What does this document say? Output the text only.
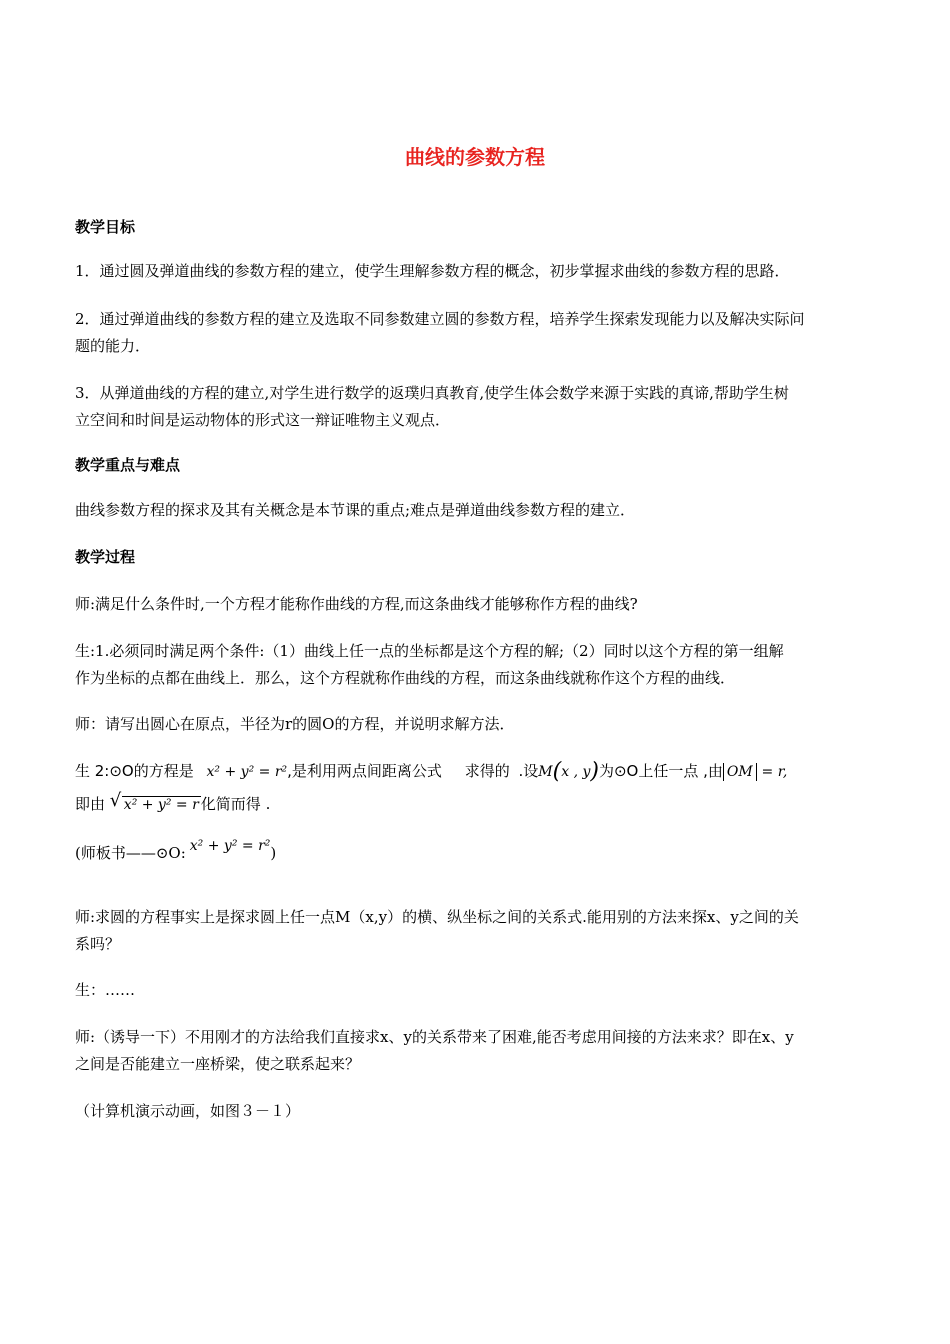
曲线的参数方程
教学目标
1．通过圆及弹道曲线的参数方程的建立，使学生理解参数方程的概念，初步掌握求曲线的参数方程的思路．
2．通过弹道曲线的参数方程的建立及选取不同参数建立圆的参数方程，培养学生探索发现能力以及解决实际问
题的能力．
3．从弹道曲线的方程的建立,对学生进行数学的返璞归真教育,使学生体会数学来源于实践的真谛,帮助学生树
立空间和时间是运动物体的形式这一辩证唯物主义观点．
教学重点与难点
曲线参数方程的探求及其有关概念是本节课的重点;难点是弹道曲线参数方程的建立．
教学过程
师:满足什么条件时,一个方程才能称作曲线的方程,而这条曲线才能够称作方程的曲线?
生:1.必须同时满足两个条件:（1）曲线上任一点的坐标都是这个方程的解;（2）同时以这个方程的第一组解
作为坐标的点都在曲线上．那么，这个方程就称作曲线的方程，而这条曲线就称作这个方程的曲线．
师：请写出圆心在原点，半径为r的圆O的方程，并说明求解方法．
生 2:⊙O的方程是 x² + y² = r²,是利用两点间距离公式 求得的 .设M(x , y)为⊙O上任一点 ,由 OM = r,
即由 √ x² + y² = r 化简而得 .
(师板书——⊙O: x² + y² = r²)
师:求圆的方程事实上是探求圆上任一点M（x,y）的横、纵坐标之间的关系式.能用别的方法来探x、y之间的关
系吗？
生：……
师:（诱导一下）不用刚才的方法给我们直接求x、y的关系带来了困难,能否考虑用间接的方法来求？即在x、y
之间是否能建立一座桥梁，使之联系起来？
（计算机演示动画，如图３－１）
